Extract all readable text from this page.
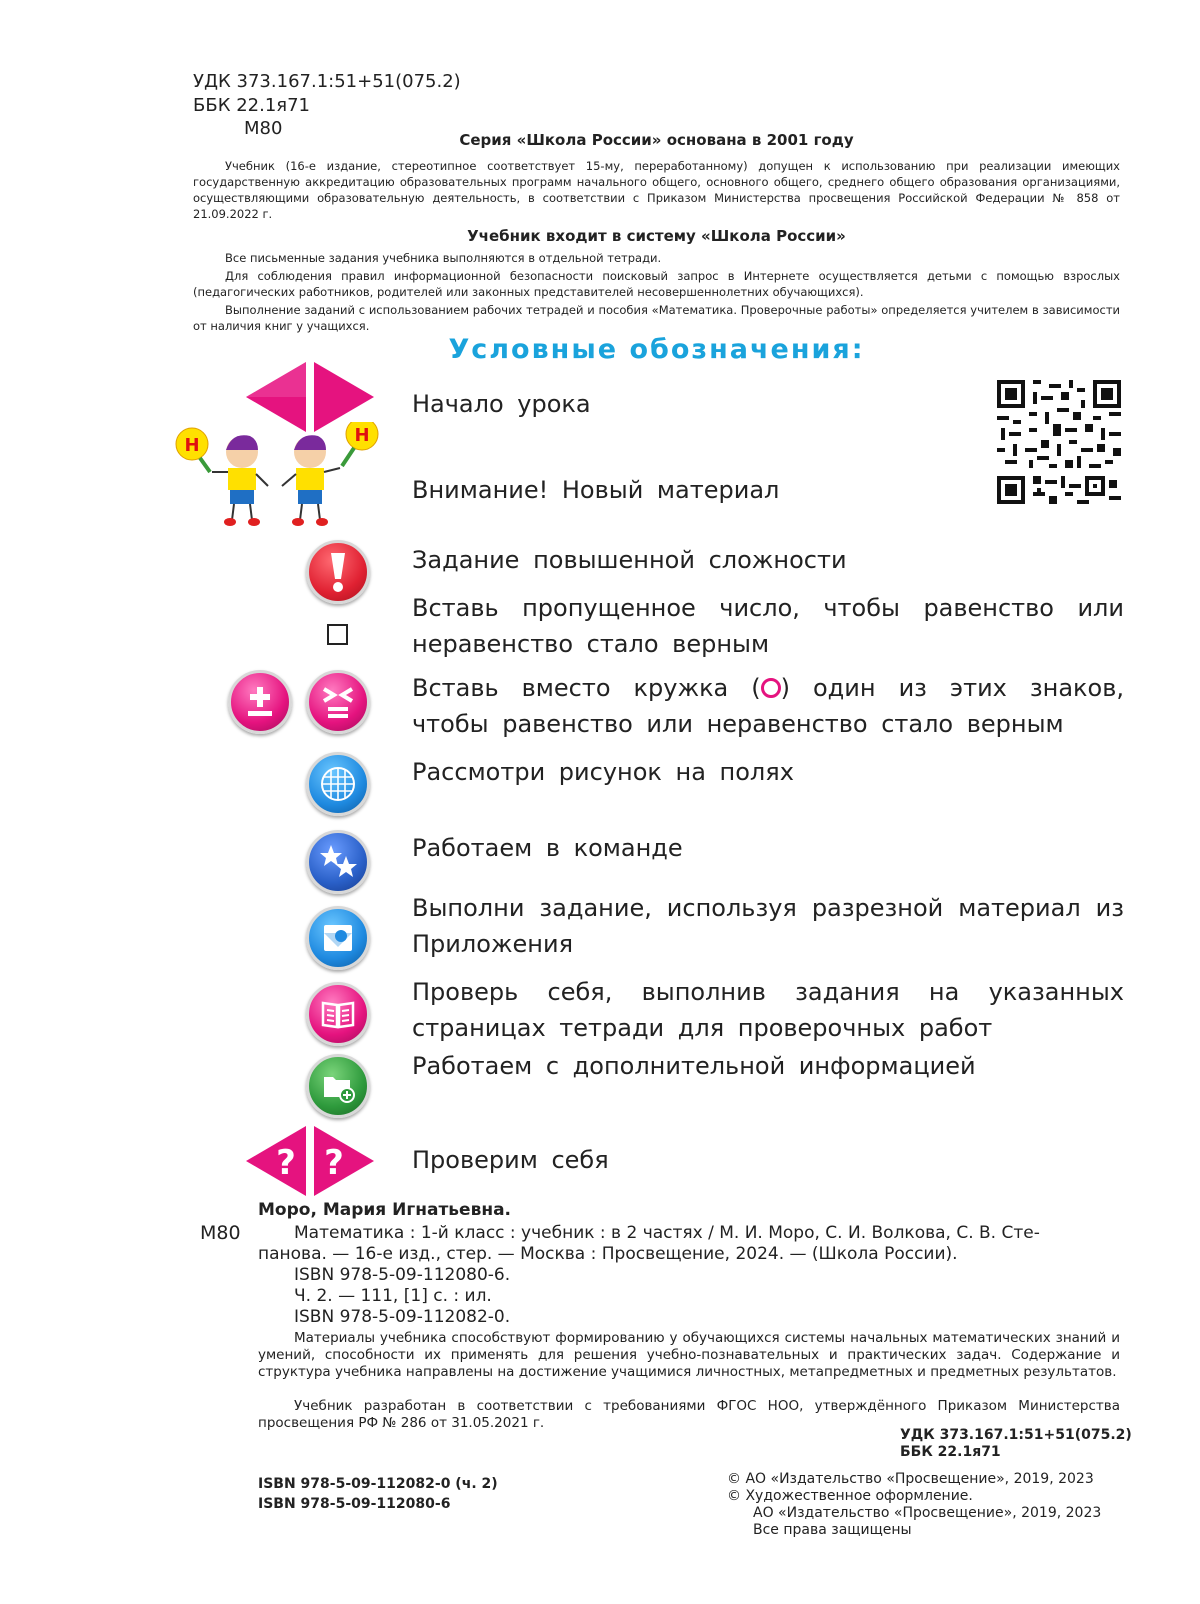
УДК 373.167.1:51+51(075.2)
ББК 22.1я71
М80
Серия «Школа России» основана в 2001 году
Учебник (16-е издание, стереотипное соответствует 15-му, переработанному) допущен к использованию при реализации имеющих государственную аккредитацию образовательных программ начального общего, основного общего, среднего общего образования организациями, осуществляющими образовательную деятельность, в соответствии с Приказом Министерства просвещения Российской Федерации № 858 от 21.09.2022 г.
Учебник входит в систему «Школа России»
Все письменные задания учебника выполняются в отдельной тетради.
Для соблюдения правил информационной безопасности поисковый запрос в Интернете осуществляется детьми с помощью взрослых (педагогических работников, родителей или законных представителей несовершеннолетних обучающихся).
Выполнение заданий с использованием рабочих тетрадей и пособия «Математика. Проверочные работы» определяется учителем в зависимости от наличия книг у учащихся.
Условные обозначения:
Начало урока
Н	Н
Внимание! Новый материал
Задание повышенной сложности
Вставь пропущенное число, чтобы равенство или неравенство стало верным
Вставь вместо кружка ( ) один из этих знаков, чтобы равенство или неравенство стало верным
Рассмотри рисунок на полях
Работаем в команде
Выполни задание, используя разрезной материал из Приложения
Проверь себя, выполнив задания на указанных страницах тетради для проверочных работ
Работаем с дополнительной информацией
? ?	Проверим себя
Моро, Мария Игнатьевна.
М80	Математика : 1-й класс : учебник : в 2 частях / М. И. Моро, С. И. Волкова, С. В. Сте-
панова. — 16-е изд., стер. — Москва : Просвещение, 2024. — (Школа России).
ISBN 978-5-09-112080-6.
Ч. 2. — 111, [1] с. : ил.
ISBN 978-5-09-112082-0.
Материалы учебника способствуют формированию у обучающихся системы начальных математических знаний и умений, способности их применять для решения учебно-познавательных и практических задач. Содержание и структура учебника направлены на достижение учащимися личностных, метапредметных и предметных результатов.
Учебник разработан в соответствии с требованиями ФГОС НОО, утверждённого Приказом Министерства просвещения РФ № 286 от 31.05.2021 г.
УДК 373.167.1:51+51(075.2)
ББК 22.1я71
ISBN 978-5-09-112082-0 (ч. 2)
ISBN 978-5-09-112080-6
© АО «Издательство «Просвещение», 2019, 2023
© Художественное оформление.
АО «Издательство «Просвещение», 2019, 2023
Все права защищены
